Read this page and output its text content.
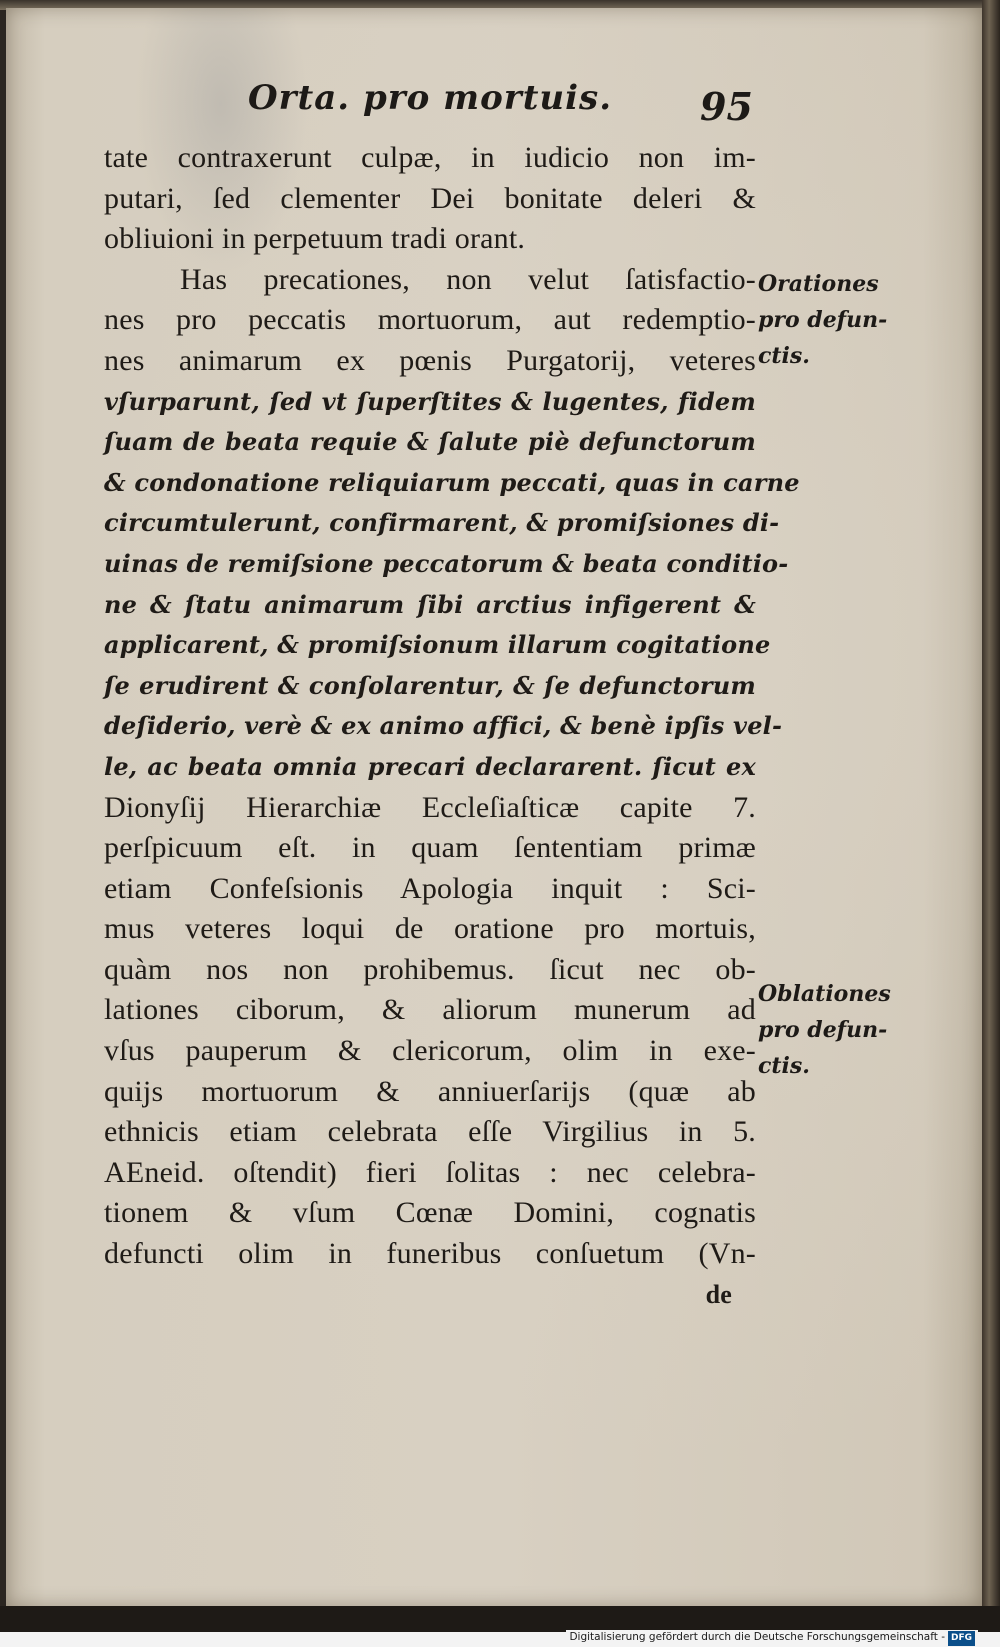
Orta. pro mortuis. 95
tate contraxerunt culpæ, in iudicio non im-
putari, ſed clementer Dei bonitate deleri &
obliuioni in perpetuum tradi orant.
Has precationes, non velut ſatisfactio-
nes pro peccatis mortuorum, aut redemptio-
nes animarum ex pœnis Purgatorij, veteres
vſurparunt, ſed vt ſuperſtites & lugentes, fidem
ſuam de beata requie & ſalute piè defunctorum
& condonatione reliquiarum peccati, quas in carne
circumtulerunt, confirmarent, & promiſsiones di-
uinas de remiſsione peccatorum & beata conditio-
ne & ſtatu animarum ſibi arctius infigerent &
applicarent, & promiſsionum illarum cogitatione
ſe erudirent & conſolarentur, & ſe defunctorum
deſiderio, verè & ex animo affici, & benè ipſis vel-
le, ac beata omnia precari declararent. ſicut ex
Dionyſij Hierarchiæ Eccleſiaſticæ capite 7.
perſpicuum eſt. in quam ſententiam primæ
etiam Confeſsionis Apologia inquit : Sci-
mus veteres loqui de oratione pro mortuis,
quàm nos non prohibemus. ſicut nec ob-
lationes ciborum, & aliorum munerum ad
vſus pauperum & clericorum, olim in exe-
quijs mortuorum & anniuerſarijs (quæ ab
ethnicis etiam celebrata eſſe Virgilius in 5.
AEneid. oſtendit) fieri ſolitas : nec celebra-
tionem & vſum Cœnæ Domini, cognatis
defuncti olim in funeribus conſuetum (Vn-
de
Orationes
pro defun-
ctis.
Oblationes
pro defun-
ctis.
Digitalisierung gefördert durch die Deutsche Forschungsgemeinschaft - DFG
